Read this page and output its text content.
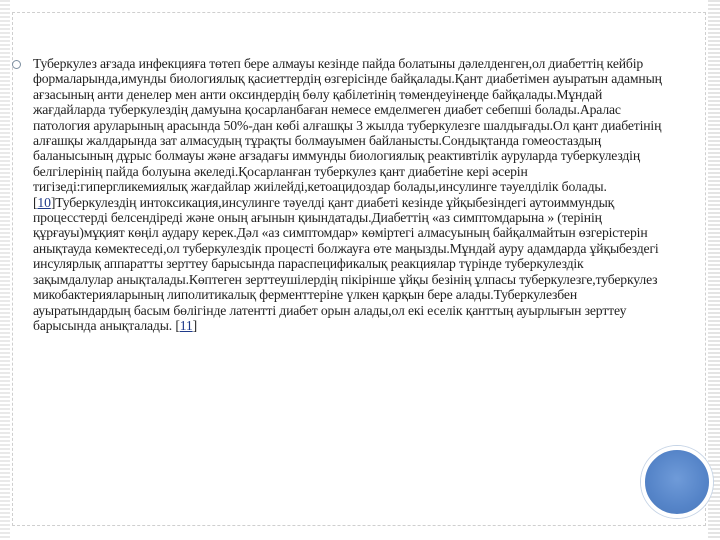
Туберкулез ағзада инфекцияға төтеп бере алмауы кезінде пайда болатыны дәлелденген,ол диабеттің кейбір формаларында,имунды биологиялық қасиеттердің өзгерісінде байқалады.Қант диабетімен ауыратын адамның ағзасының анти денелер мен анти оксиндердің бөлу қабілетінің төмендеуінеңде байқалады.Мұндай жағдайларда туберкулездің дамуына қосарланбаған немесе емделмеген диабет себепші болады.Аралас патология аруларының арасында 50%-дан көбі алғашқы 3 жылда туберкулезге шалдығады.Ол қант диабетінің алғашқы жалдарында зат алмасудың тұрақты болмауымен байланысты.Сондықтанда гомеостаздың баланысының дұрыс болмауы және ағзадағы иммунды биологиялық реактивтілік ауруларда туберкулездің белгілерінің пайда болуына әкеледі.Қосарланған туберкулез қант диабетіне кері әсерін тигізеді:гипергликемиялық жағдайлар жиілейді,кетоацидоздар болады,инсулинге тәуелділік болады. [10]Туберкулездің интоксикация,инсулинге тәуелді қант диабеті кезінде ұйқыбезіндегі аутоиммундық процесстерді белсендіреді және оның ағынын қиындатады.Диабеттің «аз симптомдарына » (терінің құрғауы)мұқият көңіл аудару керек.Дәл «аз симптомдар» көміртегі алмасуының байқалмайтын өзгерістерін анықтауда көмектеседі,ол туберкулездік процесті болжауға өте маңызды.Мұндай ауру адамдарда ұйқыбездегі инсулярлық аппаратты зерттеу барысында параспецификалық реакциялар түрінде туберкулездік зақымдалулар анықталады.Көптеген зерттеушілердің пікірінше ұйқы безінің ұлпасы туберкулезге,туберкулез микобактерияларының липолитикалық ферменттеріне үлкен қарқын бере алады.Туберкулезбен ауыратындардың басым бөлігінде латентті диабет орын алады,ол екі еселік қанттың ауырлығын зерттеу барысында анықталады. [11]
